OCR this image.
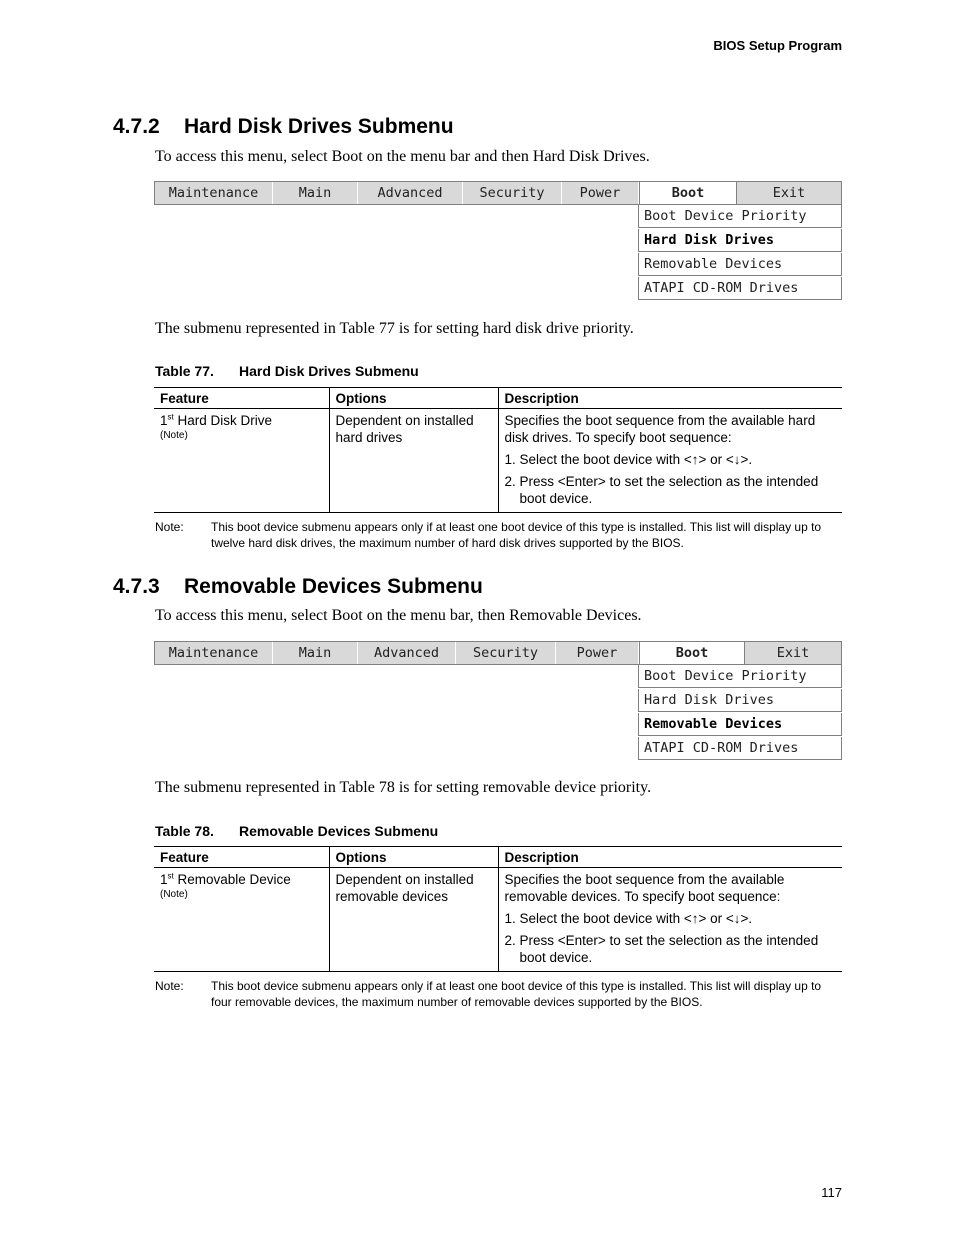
BIOS Setup Program
4.7.2 Hard Disk Drives Submenu
To access this menu, select Boot on the menu bar and then Hard Disk Drives.
Maintenance	Main	Advanced	Security	Power	Boot	Exit
Boot Device Priority
Hard Disk Drives
Removable Devices
ATAPI CD-ROM Drives
The submenu represented in Table 77 is for setting hard disk drive priority.
Table 77. Hard Disk Drives Submenu
Feature	Options	Description
1st Hard Disk Drive
(Note)	Dependent on installed hard drives	Specifies the boot sequence from the available hard disk drives. To specify boot sequence:
1. Select the boot device with <↑> or <↓>.
2. Press <Enter> to set the selection as the intended boot device.
Note:	This boot device submenu appears only if at least one boot device of this type is installed. This list will display up to twelve hard disk drives, the maximum number of hard disk drives supported by the BIOS.
4.7.3 Removable Devices Submenu
To access this menu, select Boot on the menu bar, then Removable Devices.
Maintenance	Main	Advanced	Security	Power	Boot	Exit
Boot Device Priority
Hard Disk Drives
Removable Devices
ATAPI CD-ROM Drives
The submenu represented in Table 78 is for setting removable device priority.
Table 78. Removable Devices Submenu
Feature	Options	Description
1st Removable Device
(Note)	Dependent on installed removable devices	Specifies the boot sequence from the available removable devices. To specify boot sequence:
1. Select the boot device with <↑> or <↓>.
2. Press <Enter> to set the selection as the intended boot device.
Note:	This boot device submenu appears only if at least one boot device of this type is installed. This list will display up to four removable devices, the maximum number of removable devices supported by the BIOS.
117
